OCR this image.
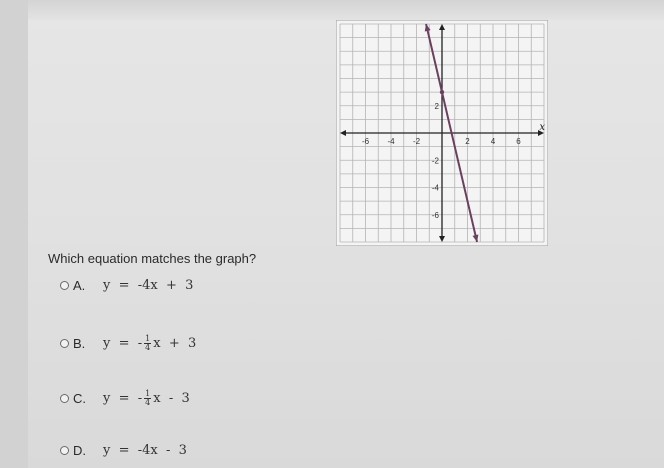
-6 -4 -2	2	4	6
2
-2
-4
-6
x
Which equation matches the graph?
A.	y  =  -4x  +  3
B.	y  =  - $\frac{1}{4}$ x  +  3
C.	y  =  - $\frac{1}{4}$ x  -  3
D.	y  =  -4x  -  3
